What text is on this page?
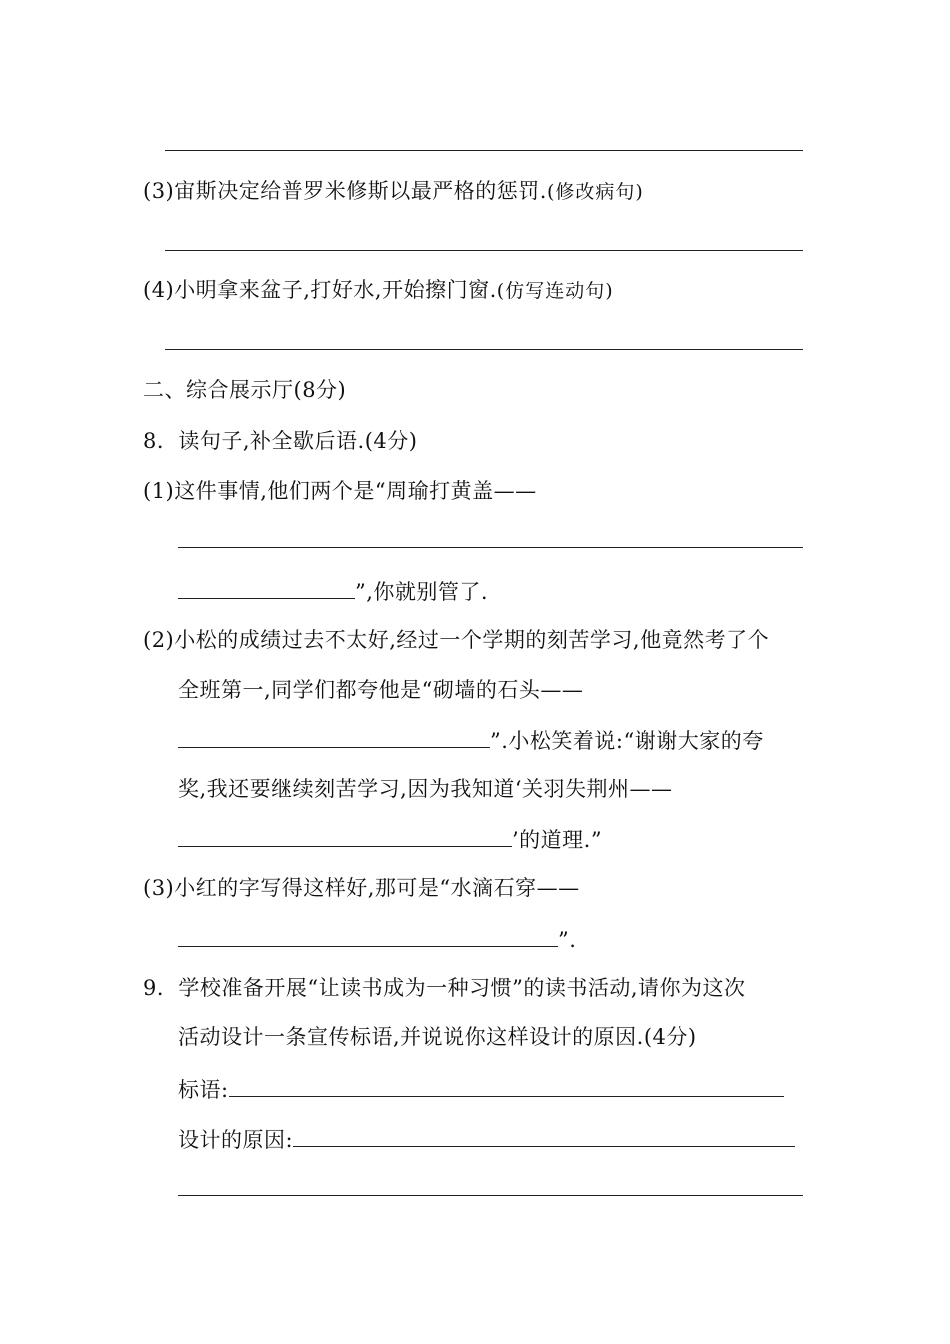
(3)宙斯决定给普罗米修斯以最严格的惩罚.(修改病句)
(4)小明拿来盆子,打好水,开始擦门窗.(仿写连动句)
二、综合展示厅(8分)
8．读句子,补全歇后语.(4分)
(1)这件事情,他们两个是“周瑜打黄盖——
”,你就别管了.
(2)小松的成绩过去不太好,经过一个学期的刻苦学习,他竟然考了个
全班第一,同学们都夸他是“砌墙的石头——
”.小松笑着说:“谢谢大家的夸
奖,我还要继续刻苦学习,因为我知道‘关羽失荆州——
’的道理.”
(3)小红的字写得这样好,那可是“水滴石穿——
”.
9．学校准备开展“让读书成为一种习惯”的读书活动,请你为这次
活动设计一条宣传标语,并说说你这样设计的原因.(4分)
标语:
设计的原因:
